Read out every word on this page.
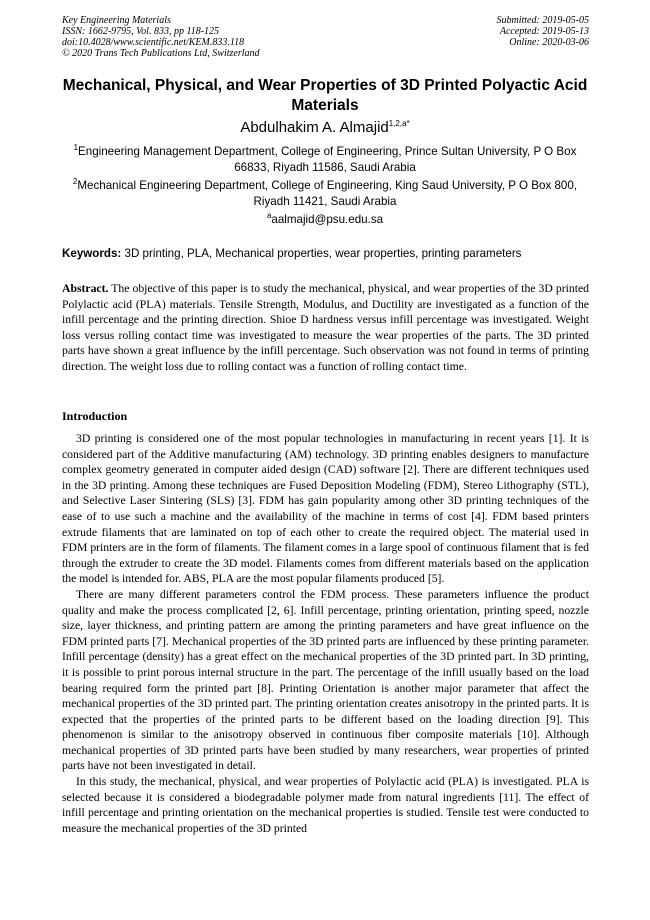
Key Engineering Materials
ISSN: 1662-9795, Vol. 833, pp 118-125
doi:10.4028/www.scientific.net/KEM.833.118
© 2020 Trans Tech Publications Ltd, Switzerland
Submitted: 2019-05-05
Accepted: 2019-05-13
Online: 2020-03-06
Mechanical, Physical, and Wear Properties of 3D Printed Polyactic Acid Materials
Abdulhakim A. Almajid$^{1,2,a*}$
$^1$Engineering Management Department, College of Engineering, Prince Sultan University, P O Box 66833, Riyadh 11586, Saudi Arabia
$^2$Mechanical Engineering Department, College of Engineering, King Saud University, P O Box 800, Riyadh 11421, Saudi Arabia
$^a$aalmajid@psu.edu.sa
Keywords: 3D printing, PLA, Mechanical properties, wear properties, printing parameters

Abstract. The objective of this paper is to study the mechanical, physical, and wear properties of the 3D printed Polylactic acid (PLA) materials. Tensile Strength, Modulus, and Ductility are investigated as a function of the infill percentage and the printing direction. Shioe D hardness versus infill percentage was investigated. Weight loss versus rolling contact time was investigated to measure the wear properties of the parts. The 3D printed parts have shown a great influence by the infill percentage. Such observation was not found in terms of printing direction. The weight loss due to rolling contact was a function of rolling contact time.

Introduction

3D printing is considered one of the most popular technologies in manufacturing in recent years [1]. It is considered part of the Additive manufacturing (AM) technology. 3D printing enables designers to manufacture complex geometry generated in computer aided design (CAD) software [2]. There are different techniques used in the 3D printing. Among these techniques are Fused Deposition Modeling (FDM), Stereo Lithography (STL), and Selective Laser Sintering (SLS) [3]. FDM has gain popularity among other 3D printing techniques of the ease of to use such a machine and the availability of the machine in terms of cost [4]. FDM based printers extrude filaments that are laminated on top of each other to create the required object. The material used in FDM printers are in the form of filaments. The filament comes in a large spool of continuous filament that is fed through the extruder to create the 3D model. Filaments comes from different materials based on the application the model is intended for. ABS, PLA are the most popular filaments produced [5].

There are many different parameters control the FDM process. These parameters influence the product quality and make the process complicated [2, 6]. Infill percentage, printing orientation, printing speed, nozzle size, layer thickness, and printing pattern are among the printing parameters and have great influence on the FDM printed parts [7]. Mechanical properties of the 3D printed parts are influenced by these printing parameter. Infill percentage (density) has a great effect on the mechanical properties of the 3D printed part. In 3D printing, it is possible to print porous internal structure in the part. The percentage of the infill usually based on the load bearing required form the printed part [8]. Printing Orientation is another major parameter that affect the mechanical properties of the 3D printed part. The printing orientation creates anisotropy in the printed parts. It is expected that the properties of the printed parts to be different based on the loading direction [9]. This phenomenon is similar to the anisotropy observed in continuous fiber composite materials [10]. Although mechanical properties of 3D printed parts have been studied by many researchers, wear properties of printed parts have not been investigated in detail.

In this study, the mechanical, physical, and wear properties of Polylactic acid (PLA) is investigated. PLA is selected because it is considered a biodegradable polymer made from natural ingredients [11]. The effect of infill percentage and printing orientation on the mechanical properties is studied. Tensile test were conducted to measure the mechanical properties of the 3D printed
